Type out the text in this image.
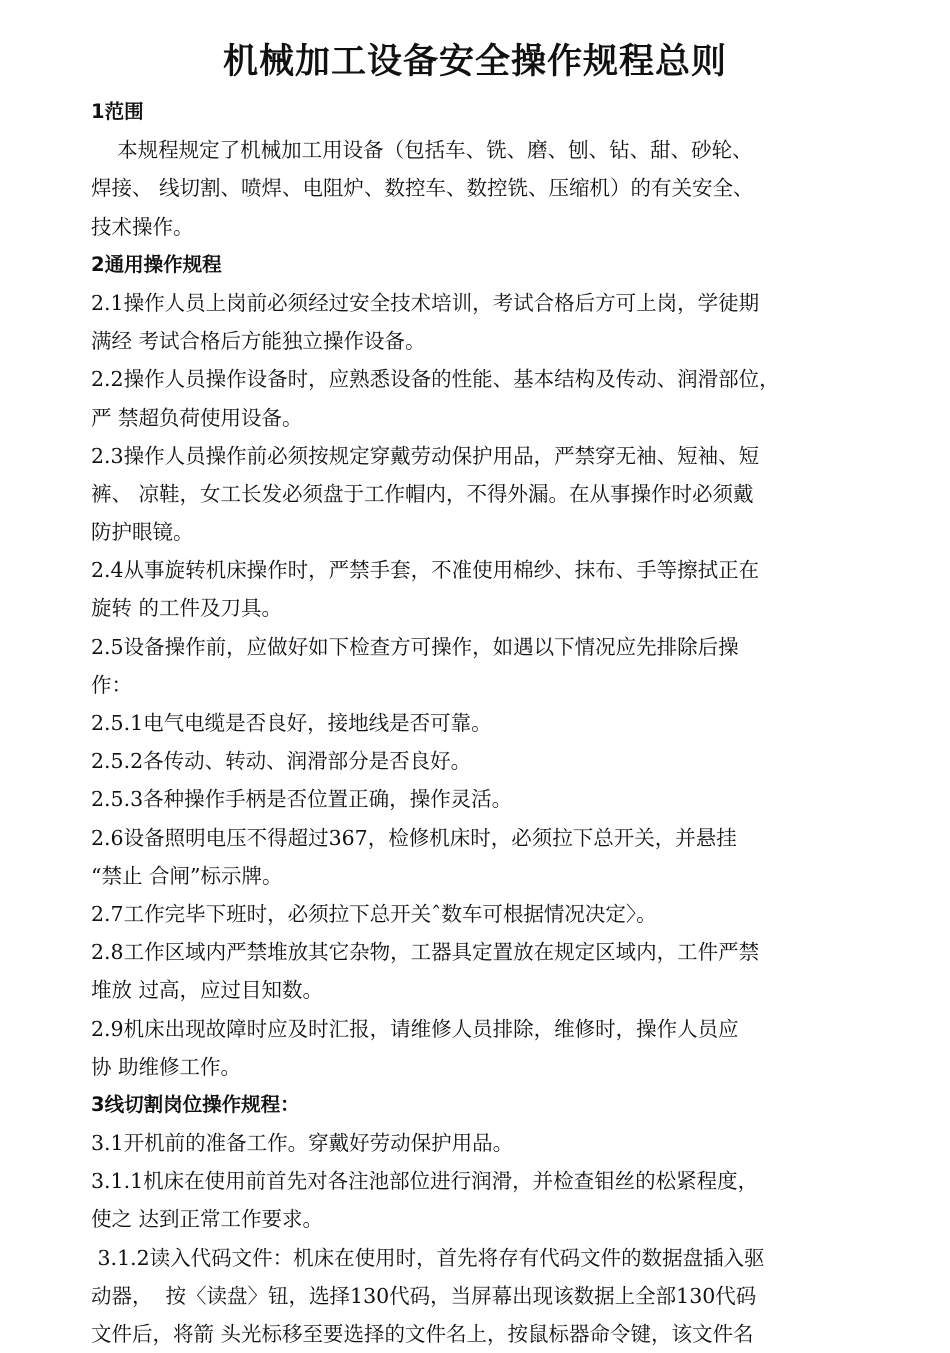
机械加工设备安全操作规程总则
1范围
本规程规定了机械加工用设备（包括车、铣、磨、刨、钻、甜、砂轮、
焊接、 线切割、喷焊、电阻炉、数控车、数控铣、压缩机）的有关安全、
技术操作。
2通用操作规程
2.1操作人员上岗前必须经过安全技术培训，考试合格后方可上岗，学徒期
满经 考试合格后方能独立操作设备。
2.2操作人员操作设备时，应熟悉设备的性能、基本结构及传动、润滑部位，
严 禁超负荷使用设备。
2.3操作人员操作前必须按规定穿戴劳动保护用品，严禁穿无袖、短袖、短
裤、 凉鞋，女工长发必须盘于工作帽内，不得外漏。在从事操作时必须戴
防护眼镜。
2.4从事旋转机床操作时，严禁手套，不准使用棉纱、抹布、手等擦拭正在
旋转 的工件及刀具。
2.5设备操作前，应做好如下检查方可操作，如遇以下情况应先排除后操
作：
2.5.1电气电缆是否良好，接地线是否可靠。
2.5.2各传动、转动、润滑部分是否良好。
2.5.3各种操作手柄是否位置正确，操作灵活。
2.6设备照明电压不得超过367，检修机床时，必须拉下总开关，并悬挂
“禁止 合闸”标示牌。
2.7工作完毕下班时，必须拉下总开关ˆ数车可根据情况决定〉。
2.8工作区域内严禁堆放其它杂物，工器具定置放在规定区域内，工件严禁
堆放 过高，应过目知数。
2.9机床出现故障时应及时汇报，请维修人员排除，维修时，操作人员应
协 助维修工作。
3线切割岗位操作规程：
3.1开机前的准备工作。穿戴好劳动保护用品。
3.1.1机床在使用前首先对各注池部位进行润滑，并检查钼丝的松紧程度，
使之 达到正常工作要求。
3.1.2读入代码文件：机床在使用时，首先将存有代码文件的数据盘插入驱
动器，  按〈读盘〉钮，选择130代码，当屏幕出现该数据上全部130代码
文件后，将箭 头光标移至要选择的文件名上，按鼠标器命令键，该文件名
